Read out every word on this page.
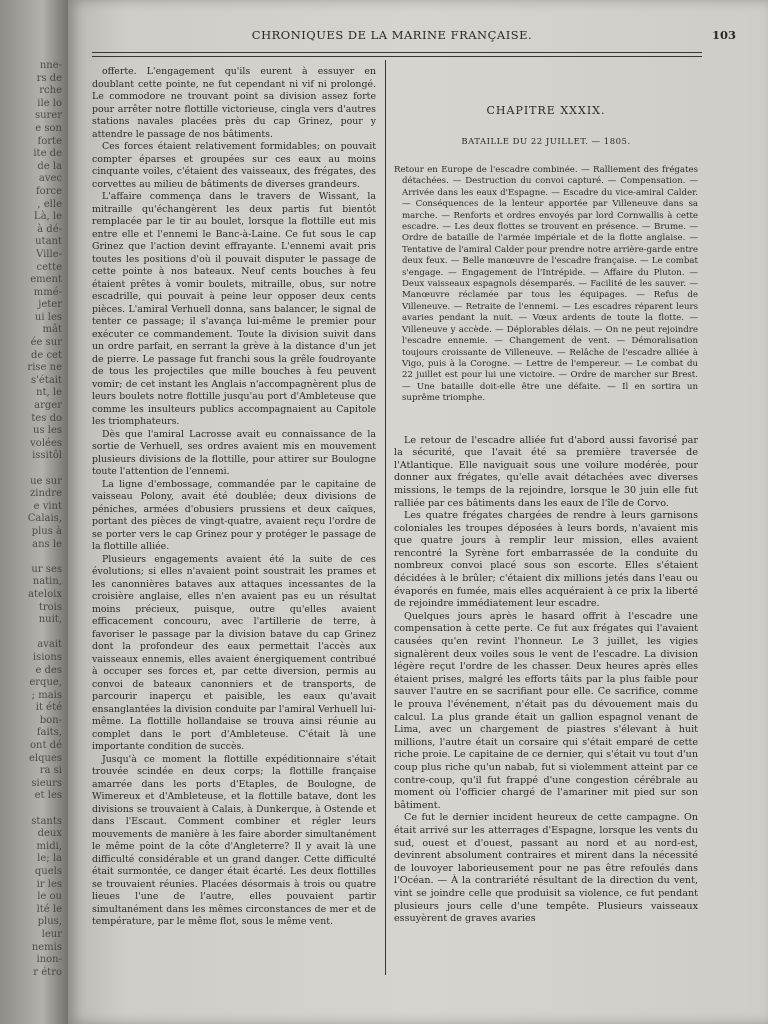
nne-
rs de
rche
ile lo
surer
e son
forte
ite de
de la
avec
force
, elle
Là, le
à dé-
utant
Ville-
cette
ement
mmé-
jeter
ui les
mât
ée sur
de cet
rise ne
s'était
nt, le
arger
tes do
us les
volées
issitôl

ue sur
zindre
e vint
Calais,
plus à
ans le

ur ses
natin,
ateloix
trois
nuit,

avait
isions
e des
erque,
; mais
it été
bon-
faits,
ont dé
elques
ra si
sieurs
et les

stants
deux
midi,
le; la
quels
ir les
le ou
lté le
plus,
leur
nemis
inon-
r étro
CHRONIQUES DE LA MARINE FRANÇAISE.	103

offerte. L'engagement qu'ils eurent à essuyer en doublant cette pointe, ne fut cependant ni vif ni prolongé. Le commodore ne trouvant point sa division assez forte pour arrêter notre flottille victorieuse, cingla vers d'autres stations navales placées près du cap Grinez, pour y attendre le passage de nos bâtiments.

Ces forces étaient relativement formidables; on pouvait compter éparses et groupées sur ces eaux au moins cinquante voiles, c'étaient des vaisseaux, des frégates, des corvettes au milieu de bâtiments de diverses grandeurs.

L'affaire commença dans le travers de Wissant, la mitraille qu'échangèrent les deux partis fut bientôt remplacée par le tir au boulet, lorsque la flottille eut mis entre elle et l'ennemi le Banc-à-Laine. Ce fut sous le cap Grinez que l'action devint effrayante. L'ennemi avait pris toutes les positions d'où il pouvait disputer le passage de cette pointe à nos bateaux. Neuf cents bouches à feu étaient prêtes à vomir boulets, mitraille, obus, sur notre escadrille, qui pouvait à peine leur opposer deux cents pièces. L'amiral Verhuell donna, sans balancer, le signal de tenter ce passage; il s'avança lui-même le premier pour exécuter ce commandement. Toute la division suivit dans un ordre parfait, en serrant la grève à la distance d'un jet de pierre. Le passage fut franchi sous la grêle foudroyante de tous les projectiles que mille bouches à feu peuvent vomir; de cet instant les Anglais n'accompagnèrent plus de leurs boulets notre flottille jusqu'au port d'Ambleteuse que comme les insulteurs publics accompagnaient au Capitole les triomphateurs.

Dès que l'amiral Lacrosse avait eu connaissance de la sortie de Verhuell, ses ordres avaient mis en mouvement plusieurs divisions de la flottille, pour attirer sur Boulogne toute l'attention de l'ennemi.

La ligne d'embossage, commandée par le capitaine de vaisseau Polony, avait été doublée; deux divisions de péniches, armées d'obusiers prussiens et deux caïques, portant des pièces de vingt-quatre, avaient reçu l'ordre de se porter vers le cap Grinez pour y protéger le passage de la flottille alliée.

Plusieurs engagements avaient été la suite de ces évolutions; si elles n'avaient point soustrait les prames et les canonnières bataves aux attaques incessantes de la croisière anglaise, elles n'en avaient pas eu un résultat moins précieux, puisque, outre qu'elles avaient efficacement concouru, avec l'artillerie de terre, à favoriser le passage par la division batave du cap Grinez dont la profondeur des eaux permettait l'accès aux vaisseaux ennemis, elles avaient énergiquement contribué à occuper ses forces et, par cette diversion, permis au convoi de bateaux canonniers et de transports, de parcourir inaperçu et paisible, les eaux qu'avait ensanglantées la division conduite par l'amiral Verhuell lui-même. La flottille hollandaise se trouva ainsi réunie au complet dans le port d'Ambleteuse. C'était là une importante condition de succès.

Jusqu'à ce moment la flottille expéditionnaire s'était trouvée scindée en deux corps; la flottille française amarrée dans les ports d'Etaples, de Boulogne, de Wimereux et d'Ambleteuse, et la flottille batave, dont les divisions se trouvaient à Calais, à Dunkerque, à Ostende et dans l'Escaut. Comment combiner et régler leurs mouvements de manière à les faire aborder simultanément le même point de la côte d'Angleterre? Il y avait là une difficulté considérable et un grand danger. Cette difficulté était surmontée, ce danger était écarté. Les deux flottilles se trouvaient réunies. Placées désormais à trois ou quatre lieues l'une de l'autre, elles pouvaient partir simultanément dans les mêmes circonstances de mer et de température, par le même flot, sous le même vent.

CHAPITRE XXXIX.
BATAILLE DU 22 JUILLET. — 1805.
Retour en Europe de l'escadre combinée. — Ralliement des frégates détachées. — Destruction du convoi capturé. — Compensation. — Arrivée dans les eaux d'Espagne. — Escadre du vice-amiral Calder. — Conséquences de la lenteur apportée par Villeneuve dans sa marche. — Renforts et ordres envoyés par lord Cornwallis à cette escadre. — Les deux flottes se trouvent en présence. — Brume. — Ordre de bataille de l'armée impériale et de la flotte anglaise. — Tentative de l'amiral Calder pour prendre notre arrière-garde entre deux feux. — Belle manœuvre de l'escadre française. — Le combat s'engage. — Engagement de l'Intrépide. — Affaire du Pluton. — Deux vaisseaux espagnols désemparés. — Facilité de les sauver. — Manœuvre réclamée par tous les équipages. — Refus de Villeneuve. — Retraite de l'ennemi. — Les escadres réparent leurs avaries pendant la nuit. — Vœux ardents de toute la flotte. — Villeneuve y accède. — Déplorables délais. — On ne peut rejoindre l'escadre ennemie. — Changement de vent. — Démoralisation toujours croissante de Villeneuve. — Relâche de l'escadre alliée à Vigo, puis à la Corogne. — Lettre de l'empereur. — Le combat du 22 juillet est pour lui une victoire. — Ordre de marcher sur Brest. — Une bataille doit-elle être une défaite. — Il en sortira un suprême triomphe.

Le retour de l'escadre alliée fut d'abord aussi favorisé par la sécurité, que l'avait été sa première traversée de l'Atlantique. Elle naviguait sous une voilure modérée, pour donner aux frégates, qu'elle avait détachées avec diverses missions, le temps de la rejoindre, lorsque le 30 juin elle fut ralliée par ces bâtiments dans les eaux de l'île de Corvo.

Les quatre frégates chargées de rendre à leurs garnisons coloniales les troupes déposées à leurs bords, n'avaient mis que quatre jours à remplir leur mission, elles avaient rencontré la Syrène fort embarrassée de la conduite du nombreux convoi placé sous son escorte. Elles s'étaient décidées à le brûler; c'étaient dix millions jetés dans l'eau ou évaporés en fumée, mais elles acquéraient à ce prix la liberté de rejoindre immédiatement leur escadre.

Quelques jours après le hasard offrit à l'escadre une compensation à cette perte. Ce fut aux frégates qui l'avaient causées qu'en revint l'honneur. Le 3 juillet, les vigies signalèrent deux voiles sous le vent de l'escadre. La division légère reçut l'ordre de les chasser. Deux heures après elles étaient prises, malgré les efforts tâits par la plus faible pour sauver l'autre en se sacrifiant pour elle. Ce sacrifice, comme le prouva l'événement, n'était pas du dévouement mais du calcul. La plus grande était un gallion espagnol venant de Lima, avec un chargement de piastres s'élevant à huit millions, l'autre était un corsaire qui s'était emparé de cette riche proie. Le capitaine de ce dernier, qui s'était vu tout d'un coup plus riche qu'un nabab, fut si violemment atteint par ce contre-coup, qu'il fut frappé d'une congestion cérébrale au moment où l'officier chargé de l'amariner mit pied sur son bâtiment.

Ce fut le dernier incident heureux de cette campagne. On était arrivé sur les atterrages d'Espagne, lorsque les vents du sud, ouest et d'ouest, passant au nord et au nord-est, devinrent absolument contraires et mirent dans la nécessité de louvoyer laborieusement pour ne pas être refoulés dans l'Océan. — À la contrariété résultant de la direction du vent, vint se joindre celle que produisit sa violence, ce fut pendant plusieurs jours celle d'une tempête. Plusieurs vaisseaux essuyèrent de graves avaries
